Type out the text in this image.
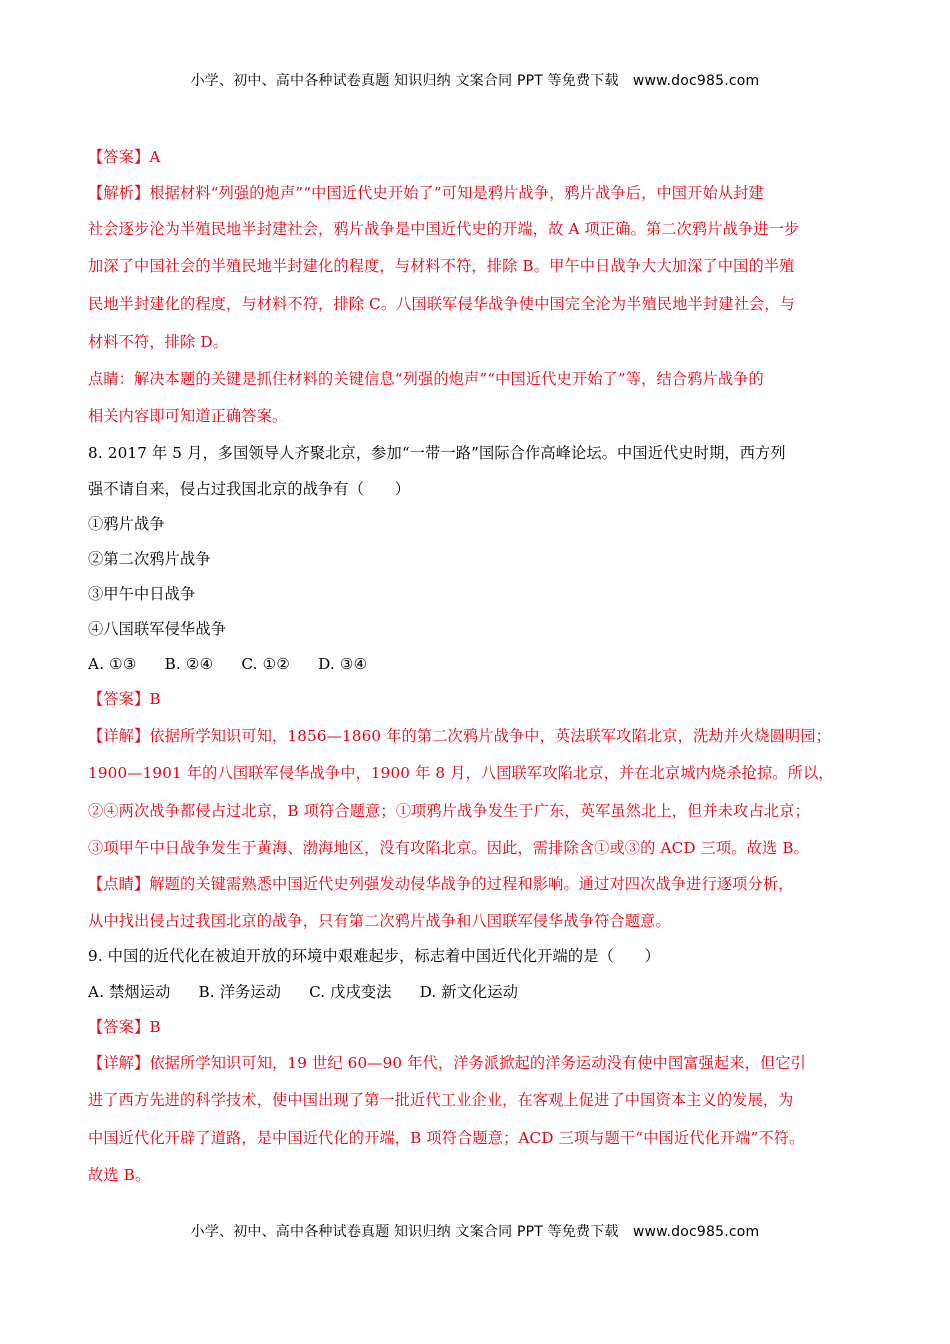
小学、初中、高中各种试卷真题 知识归纳 文案合同 PPT 等免费下载　www.doc985.com
【答案】A
【解析】根据材料“列强的炮声”“中国近代史开始了”可知是鸦片战争，鸦片战争后，中国开始从封建
社会逐步沦为半殖民地半封建社会，鸦片战争是中国近代史的开端，故 A 项正确。第二次鸦片战争进一步
加深了中国社会的半殖民地半封建化的程度，与材料不符，排除 B。甲午中日战争大大加深了中国的半殖
民地半封建化的程度，与材料不符，排除 C。八国联军侵华战争使中国完全沦为半殖民地半封建社会，与
材料不符，排除 D。
点睛：解决本题的关键是抓住材料的关键信息“列强的炮声”“中国近代史开始了”等，结合鸦片战争的
相关内容即可知道正确答案。
8. 2017 年 5 月，多国领导人齐聚北京，参加“一带一路”国际合作高峰论坛。中国近代史时期，西方列
强不请自来，侵占过我国北京的战争有（　　）
①鸦片战争
②第二次鸦片战争
③甲午中日战争
④八国联军侵华战争
A. ①③ B. ②④ C. ①② D. ③④
【答案】B
【详解】依据所学知识可知，1856—1860 年的第二次鸦片战争中，英法联军攻陷北京，洗劫并火烧圆明园；
1900—1901 年的八国联军侵华战争中，1900 年 8 月，八国联军攻陷北京，并在北京城内烧杀抢掠。所以，
②④两次战争都侵占过北京，B 项符合题意；①项鸦片战争发生于广东，英军虽然北上，但并未攻占北京；
③项甲午中日战争发生于黄海、渤海地区，没有攻陷北京。因此，需排除含①或③的 ACD 三项。故选 B。
【点睛】解题的关键需熟悉中国近代史列强发动侵华战争的过程和影响。通过对四次战争进行逐项分析，
从中找出侵占过我国北京的战争，只有第二次鸦片战争和八国联军侵华战争符合题意。
9. 中国的近代化在被迫开放的环境中艰难起步，标志着中国近代化开端的是（　　）
A. 禁烟运动 B. 洋务运动 C. 戊戌变法 D. 新文化运动
【答案】B
【详解】依据所学知识可知，19 世纪 60—90 年代，洋务派掀起的洋务运动没有使中国富强起来，但它引
进了西方先进的科学技术，使中国出现了第一批近代工业企业，在客观上促进了中国资本主义的发展，为
中国近代化开辟了道路，是中国近代化的开端，B 项符合题意；ACD 三项与题干“中国近代化开端”不符。
故选 B。
小学、初中、高中各种试卷真题 知识归纳 文案合同 PPT 等免费下载　www.doc985.com
